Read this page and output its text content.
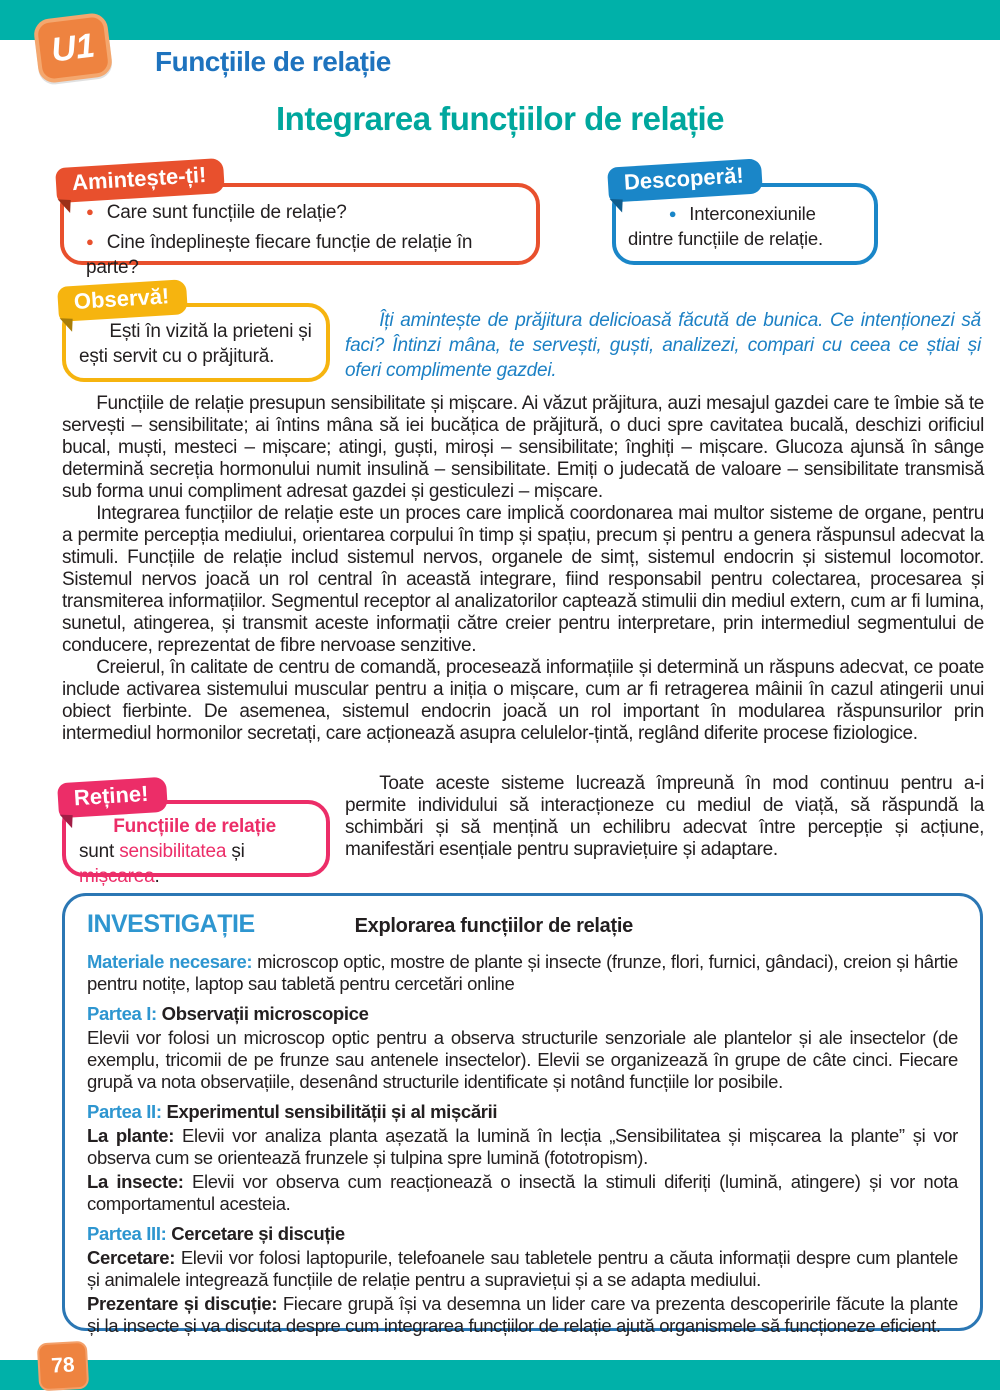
U1 Funcțiile de relație
Integrarea funcțiilor de relație
Amintește-ți!

● Care sunt funcțiile de relație?

● Cine îndeplinește fiecare funcție de relație în parte?

Descoperă!

● Interconexiunile dintre funcțiile de relație.

Observă!

Ești în vizită la prieteni și ești servit cu o prăjitură.

Îți amintește de prăjitura delicioasă făcută de bunica. Ce intenționezi să faci? Întinzi mâna, te servești, guști, analizezi, compari cu ceea ce știai și oferi complimente gazdei.

Funcțiile de relație presupun sensibilitate și mișcare. Ai văzut prăjitura, auzi mesajul gazdei care te îmbie să te servești – sensibilitate; ai întins mâna să iei bucățica de prăjitură, o duci spre cavitatea bucală, deschizi orificiul bucal, muști, mesteci – mișcare; atingi, guști, miroși – sensibilitate; înghiți – mișcare. Glucoza ajunsă în sânge determină secreția hormonului numit insulină – sensibilitate. Emiți o judecată de valoare – sensibilitate transmisă sub forma unui compliment adresat gazdei și gesticulezi – mișcare.

Integrarea funcțiilor de relație este un proces care implică coordonarea mai multor sisteme de organe, pentru a permite percepția mediului, orientarea corpului în timp și spațiu, precum și pentru a genera răspunsul adecvat la stimuli. Funcțiile de relație includ sistemul nervos, organele de simț, sistemul endocrin și sistemul locomotor. Sistemul nervos joacă un rol central în această integrare, fiind responsabil pentru colectarea, procesarea și transmiterea informațiilor. Segmentul receptor al analizatorilor captează stimulii din mediul extern, cum ar fi lumina, sunetul, atingerea, și transmit aceste informații către creier pentru interpretare, prin intermediul segmentului de conducere, reprezentat de fibre nervoase senzitive.

Creierul, în calitate de centru de comandă, procesează informațiile și determină un răspuns adecvat, ce poate include activarea sistemului muscular pentru a iniția o mișcare, cum ar fi retragerea mâinii în cazul atingerii unui obiect fierbinte. De asemenea, sistemul endocrin joacă un rol important în modularea răspunsurilor prin intermediul hormonilor secretați, care acționează asupra celulelor-țintă, reglând diferite procese fiziologice.

Reține!

Funcțiile de relație sunt sensibilitatea și mișcarea.

Toate aceste sisteme lucrează împreună în mod continuu pentru a-i permite individului să interacționeze cu mediul de viață, să răspundă la schimbări și să mențină un echilibru adecvat între percepție și acțiune, manifestări esențiale pentru supraviețuire și adaptare.

INVESTIGAȚIE	Explorarea funcțiilor de relație

Materiale necesare: microscop optic, mostre de plante și insecte (frunze, flori, furnici, gândaci), creion și hârtie pentru notițe, laptop sau tabletă pentru cercetări online

Partea I: Observații microscopice

Elevii vor folosi un microscop optic pentru a observa structurile senzoriale ale plantelor și ale insectelor (de exemplu, tricomii de pe frunze sau antenele insectelor). Elevii se organizează în grupe de câte cinci. Fiecare grupă va nota observațiile, desenând structurile identificate și notând funcțiile lor posibile.

Partea II: Experimentul sensibilității și al mișcării

La plante: Elevii vor analiza planta așezată la lumină în lecția „Sensibilitatea și mișcarea la plante” și vor observa cum se orientează frunzele și tulpina spre lumină (fototropism).

La insecte: Elevii vor observa cum reacționează o insectă la stimuli diferiți (lumină, atingere) și vor nota comportamentul acesteia.

Partea III: Cercetare și discuție

Cercetare: Elevii vor folosi laptopurile, telefoanele sau tabletele pentru a căuta informații despre cum plantele și animalele integrează funcțiile de relație pentru a supraviețui și a se adapta mediului.

Prezentare și discuție: Fiecare grupă își va desemna un lider care va prezenta descoperirile făcute la plante și la insecte și va discuta despre cum integrarea funcțiilor de relație ajută organismele să funcționeze eficient.

78
